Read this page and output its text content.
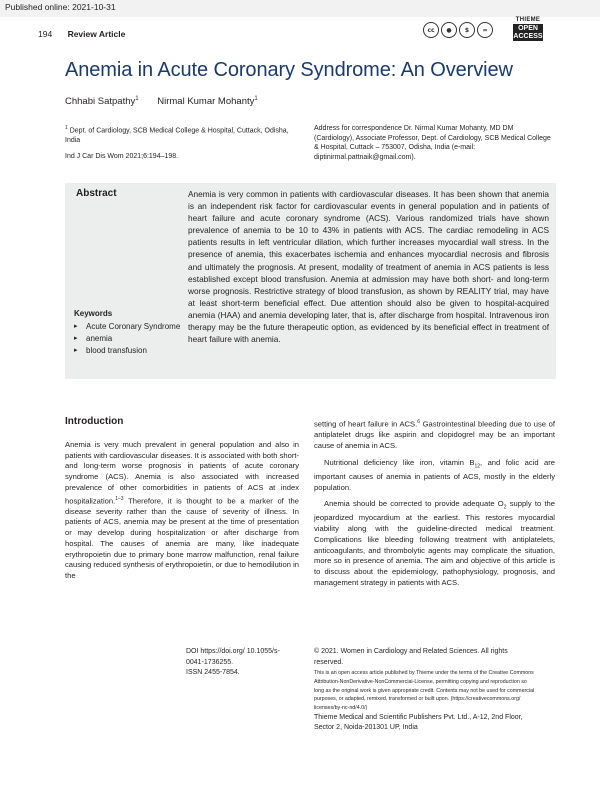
Published online: 2021-10-31
194 Review Article	cc	●	$	=
THIEME
OPEN
ACCESS
Anemia in Acute Coronary Syndrome: An Overview
Chhabi Satpathy$^1$ Nirmal Kumar Mohanty$^1$
$^1$ Dept. of Cardiology, SCB Medical College & Hospital, Cuttack, Odisha, India
Ind J Car Dis Wom 2021;6:194–198.
Address for correspondence Dr. Nirmal Kumar Mohanty, MD DM (Cardiology), Associate Professor, Dept. of Cardiology, SCB Medical College & Hospital, Cuttack – 753007, Odisha, India (e-mail: diptinirmal.pattnaik@gmail.com).
Abstract	Anemia is very common in patients with cardiovascular diseases. It has been shown that anemia is an independent risk factor for cardiovascular events in general population and in patients of heart failure and acute coronary syndrome (ACS). Various randomized trials have shown prevalence of anemia to be 10 to 43% in patients with ACS. The cardiac remodeling in ACS patients results in left ventricular dilation, which further increases myocardial wall stress. In the presence of anemia, this exacerbates ischemia and enhances myocardial necrosis and fibrosis and ultimately the prognosis. At present, modality of treatment of anemia in ACS patients is less established except blood transfusion. Anemia at admission may have both short- and long-term worse prognosis. Restrictive strategy of blood transfusion, as shown by REALITY trial, may have at least short-term beneficial effect. Due attention should also be given to hospital-acquired anemia (HAA) and anemia developing later, that is, after discharge from hospital. Intravenous iron therapy may be the future therapeutic option, as evidenced by its beneficial effect in treatment of heart failure with anemia.
Keywords
▸ Acute Coronary Syndrome
▸ anemia
▸ blood transfusion
Introduction

Anemia is very much prevalent in general population and also in patients with cardiovascular diseases. It is associated with both short- and long-term worse prognosis in patients of acute coronary syndrome (ACS). Anemia is also associated with increased prevalence of other comorbidities in patients of ACS at index hospitalization.$^{1-3}$ Therefore, it is thought to be a marker of the disease severity rather than the cause of severity of illness. In patients of ACS, anemia may be present at the time of presentation or may develop during hospitalization or after discharge from hospital. The causes of anemia are many, like inadequate erythropoietin due to primary bone marrow malfunction, renal failure causing reduced synthesis of erythropoietin, or due to hemodilution in the

setting of heart failure in ACS.$^6$ Gastrointestinal bleeding due to use of antiplatelet drugs like aspirin and clopidogrel may be an important cause of anemia in ACS.

Nutritional deficiency like iron, vitamin $B_{12}$, and folic acid are important causes of anemia in patients of ACS, mostly in the elderly population.

Anemia should be corrected to provide adequate $O_2$ supply to the jeopardized myocardium at the earliest. This restores myocardial viability along with the guideline-directed medical treatment. Complications like bleeding following treatment with antiplatelets, anticoagulants, and thrombolytic agents may complicate the situation, more so in presence of anemia. The aim and objective of this article is to discuss about the epidemiology, pathophysiology, prognosis, and management strategy in patients with ACS.

DOI https://doi.org/ 10.1055/s-0041-1736255.
ISSN 2455-7854.
© 2021. Women in Cardiology and Related Sciences. All rights reserved.
This is an open access article published by Thieme under the terms of the Creative Commons Attribution-NonDerivative-NonCommercial-License, permitting copying and reproduction so long as the original work is given appropriate credit. Contents may not be used for commercial purposes, or adapted, remixed, transformed or built upon. (https://creativecommons.org/ licenses/by-nc-nd/4.0/)
Thieme Medical and Scientific Publishers Pvt. Ltd., A-12, 2nd Floor, Sector 2, Noida-201301 UP, India
